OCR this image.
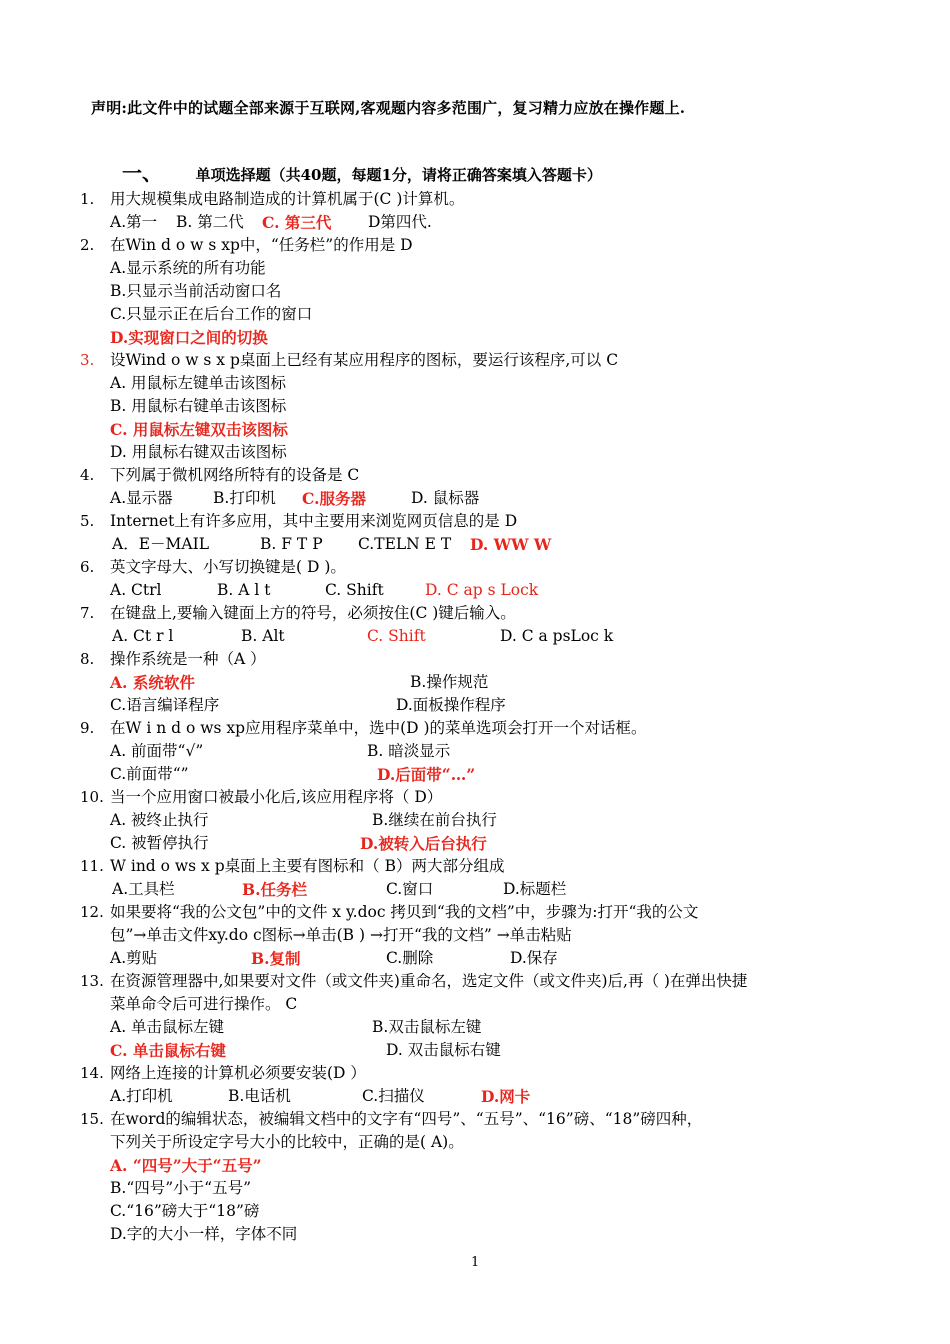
声明:此文件中的试题全部来源于互联网,客观题内容多范围广，复习精力应放在操作题上.
一、 单项选择题（共40题，每题1分，请将正确答案填入答题卡）
1.	用大规模集成电路制造成的计算机属于(C )计算机。
A.第一 B. 第二代 C. 第三代 D第四代.
2.	在Win d o w s xp中，“任务栏”的作用是 D
A.显示系统的所有功能
B.只显示当前活动窗口名
C.只显示正在后台工作的窗口
D.实现窗口之间的切换
3.	设Wind o w s x p桌面上已经有某应用程序的图标，要运行该程序,可以 C
A. 用鼠标左键单击该图标
B. 用鼠标右键单击该图标
C. 用鼠标左键双击该图标
D. 用鼠标右键双击该图标
4.	下列属于微机网络所特有的设备是 C
A.显示器	B.打印机 C.服务器	D. 鼠标器
5.	Internet上有许多应用，其中主要用来浏览网页信息的是 D
A．E－MAIL	B. F T P C.TELN E T D. WW W
6.	英文字母大、小写切换键是( D )。
A. Ctrl	B. A l t	C. Shift	D. C ap s Lock
7.	在键盘上,要输入键面上方的符号，必须按住(C )键后输入。
A. Ct r l	B. Alt	C. Shift	D. C a psLoc k
8.	操作系统是一种（A ）
A. 系统软件	B.操作规范
C.语言编译程序	D.面板操作程序
9.	在W i n d o ws xp应用程序菜单中，选中(D )的菜单选项会打开一个对话框。
A. 前面带“√”	B. 暗淡显示
C.前面带“”	D.后面带“…”
10. 当一个应用窗口被最小化后,该应用程序将（ D）
A. 被终止执行	B.继续在前台执行
C. 被暂停执行	D.被转入后台执行
11. W ind o ws x p桌面上主要有图标和（ B）两大部分组成
A.工具栏	B.任务栏	C.窗口	D.标题栏
12. 如果要将“我的公文包”中的文件 x y.doc 拷贝到“我的文档”中，步骤为:打开“我的公文
包”→单击文件xy.do c图标→单击(B ) →打开“我的文档” →单击粘贴
A.剪贴	B.复制	C.删除	D.保存
13. 在资源管理器中,如果要对文件（或文件夹)重命名，选定文件（或文件夹)后,再（ )在弹出快捷
菜单命令后可进行操作。 C
A. 单击鼠标左键	B.双击鼠标左键
C. 单击鼠标右键	D. 双击鼠标右键
14. 网络上连接的计算机必须要安装(D ）
A.打印机	B.电话机	C.扫描仪	D.网卡
15. 在word的编辑状态，被编辑文档中的文字有“四号”、“五号”、“16”磅、“18”磅四种，
下列关于所设定字号大小的比较中，正确的是( A)。
A. “四号”大于“五号”
B.“四号”小于“五号”
C.“16”磅大于“18”磅
D.字的大小一样，字体不同
1
